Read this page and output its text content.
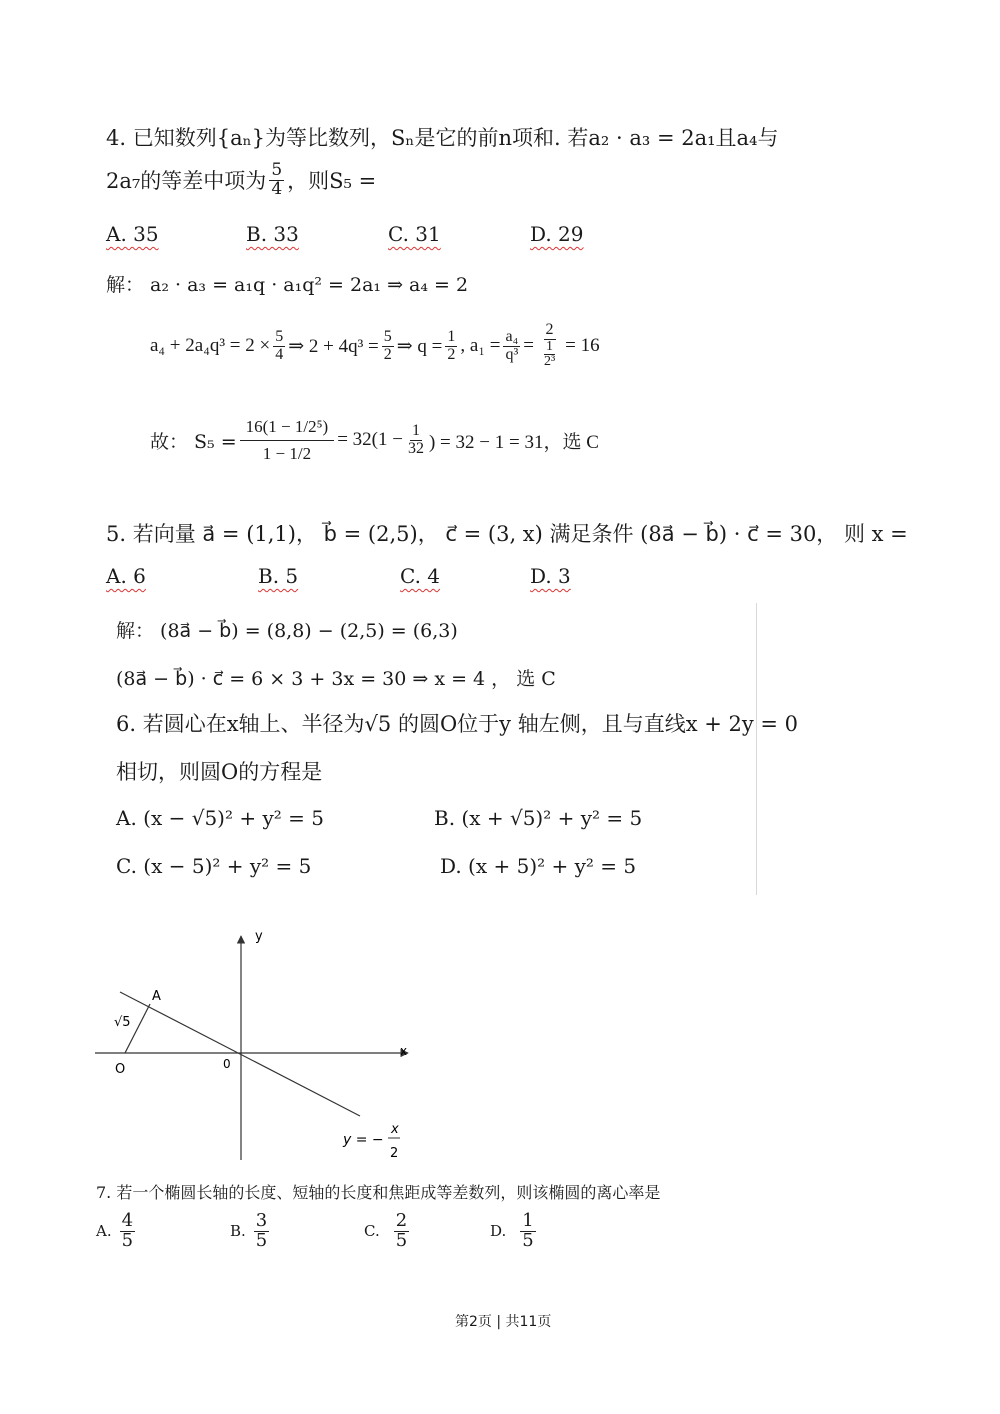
4. 已知数列{aₙ}为等比数列，Sₙ是它的前n项和. 若a₂ · a₃ = 2a₁且a₄与
2a₇的等差中项为 $\frac{5}{4}$ ，则S₅ =
A. 35	B. 33	C. 31	D. 29
解： a₂ · a₃ = a₁q · a₁q² = 2a₁ ⇒ a₄ = 2
$a_4 + 2a_4q^3 = 2 \times \frac{5}{4}$ ⇒ $2 + 4q^3 = \frac{5}{2}$ ⇒ $q = \frac{1}{2}$ , $a_1 = \frac{\text{a₄}}{\text{q³}} = \frac{2}{\frac{1}{\text{2³}}} = 16$
故： $S_5 = \frac{\text{16(1 − 1/2⁵)}}{1 - 1/2} = 32(1 - \frac{1}{32}$ ) = 32 − 1 = 31，选 C
5. 若向量 a⃗ = (1,1)， b⃗ = (2,5)， c⃗ = (3, x) 满足条件 (8a⃗ − b⃗) · c⃗ = 30， 则 x =
A. 6	B. 5	C. 4	D. 3
解： (8a⃗ − b⃗) = (8,8) − (2,5) = (6,3)
(8a⃗ − b⃗) · c⃗ = 6 × 3 + 3x = 30 ⇒ x = 4 ， 选 C
6. 若圆心在x轴上、半径为√5 的圆O位于y 轴左侧，且与直线x + 2y = 0
相切，则圆O的方程是
A. (x − √5)² + y² = 5	B. (x + √5)² + y² = 5
C. (x − 5)² + y² = 5	D. (x + 5)² + y² = 5
y
x
0
A
O
√5
y = −
x
2
7. 若一个椭圆长轴的长度、短轴的长度和焦距成等差数列，则该椭圆的离心率是
A. $\frac{4}{5}$	B. $\frac{3}{5}$	C. $\frac{2}{5}$	D. $\frac{1}{5}$
第2页 | 共11页
